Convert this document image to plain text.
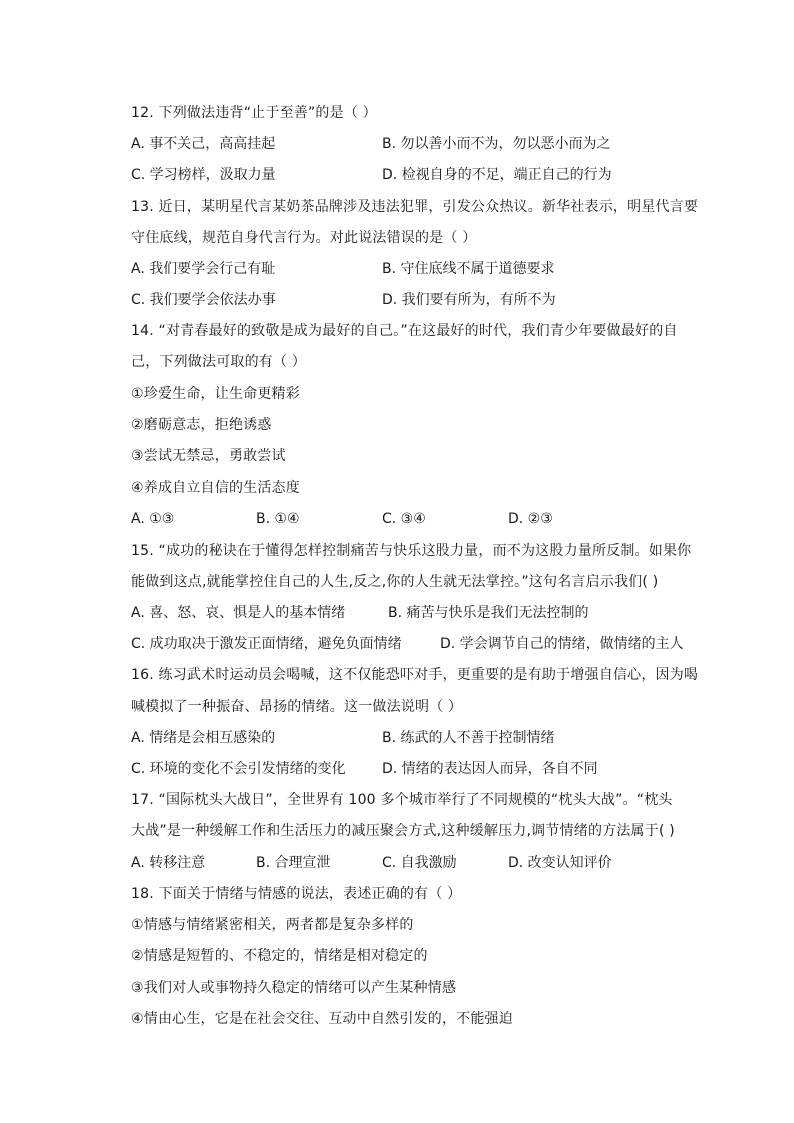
12. 下列做法违背“止于至善”的是（ ）
A. 事不关己，高高挂起	B. 勿以善小而不为，勿以恶小而为之
C. 学习榜样，汲取力量	D. 检视自身的不足，端正自己的行为
13. 近日，某明星代言某奶茶品牌涉及违法犯罪，引发公众热议。新华社表示，明星代言要
守住底线，规范自身代言行为。对此说法错误的是（ ）
A. 我们要学会行己有耻	B. 守住底线不属于道德要求
C. 我们要学会依法办事	D. 我们要有所为，有所不为
14. “对青春最好的致敬是成为最好的自己。”在这最好的时代，我们青少年要做最好的自
己，下列做法可取的有（ ）
①珍爱生命，让生命更精彩
②磨砺意志，拒绝诱惑
③尝试无禁忌，勇敢尝试
④养成自立自信的生活态度
A. ①③	B. ①④	C. ③④	D. ②③
15. “成功的秘诀在于懂得怎样控制痛苦与快乐这股力量，而不为这股力量所反制。如果你
能做到这点,就能掌控住自己的人生,反之,你的人生就无法掌控。”这句名言启示我们( )
A. 喜、怒、哀、惧是人的基本情绪	B. 痛苦与快乐是我们无法控制的
C. 成功取决于激发正面情绪，避免负面情绪	D. 学会调节自己的情绪，做情绪的主人
16. 练习武术时运动员会喝喊，这不仅能恐吓对手，更重要的是有助于增强自信心，因为喝
喊模拟了一种振奋、昂扬的情绪。这一做法说明（ ）
A. 情绪是会相互感染的	B. 练武的人不善于控制情绪
C. 环境的变化不会引发情绪的变化	D. 情绪的表达因人而异，各自不同
17. “国际枕头大战日”，全世界有 100 多个城市举行了不同规模的“枕头大战”。“枕头
大战”是一种缓解工作和生活压力的减压聚会方式,这种缓解压力,调节情绪的方法属于( )
A. 转移注意	B. 合理宣泄	C. 自我激励	D. 改变认知评价
18. 下面关于情绪与情感的说法，表述正确的有（ ）
①情感与情绪紧密相关，两者都是复杂多样的
②情感是短暂的、不稳定的，情绪是相对稳定的
③我们对人或事物持久稳定的情绪可以产生某种情感
④情由心生，它是在社会交往、互动中自然引发的，不能强迫
